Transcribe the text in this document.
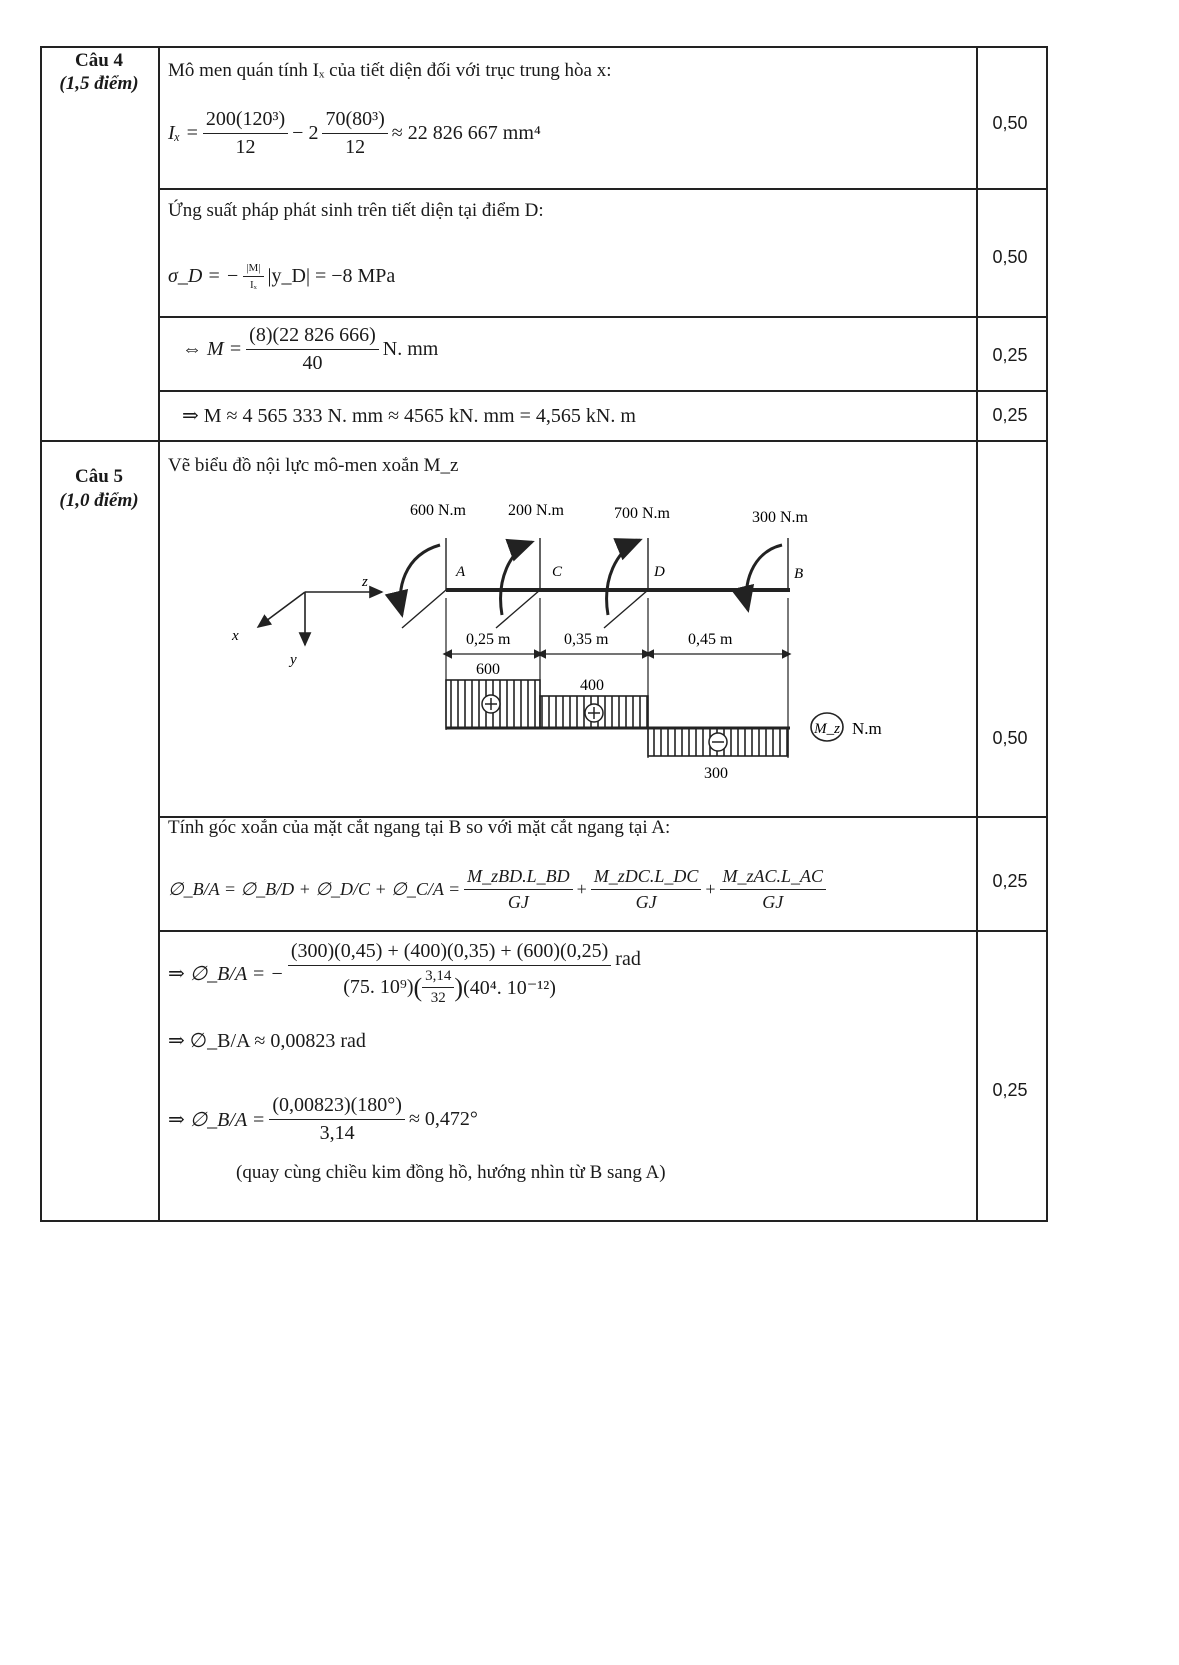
Câu 4
(1,5 điểm)
Mô men quán tính Iₓ của tiết diện đối với trục trung hòa x:
$I_x = \frac{\text{200(120³)}}{12} - 2 \frac{\text{70(80³)}}{12} \approx 22$ 826 667 mm⁴	0,50
Ứng suất pháp phát sinh trên tiết diện tại điểm D:
σ_D = − $\frac{|M|}{\text{Iₓ}}$ |y_D| = −8 MPa
0,50
⇔ $M = \frac{(8)(22 826 666)}{40} N$. mm	0,25
⇒ M ≈ 4 565 333 N. mm ≈ 4565 kN. mm = 4,565 kN. m	0,25
Câu 5
(1,0 điểm)
Vẽ biểu đồ nội lực mô-men xoắn M_z
z
x
y
600 N.m	200 N.m	700 N.m	300 N.m
A	C	D	B
0,25 m	0,35 m	0,45 m
600
400
300
M_z N.m	0,50
Tính góc xoắn của mặt cắt ngang tại B so với mặt cắt ngang tại A:
∅_B/A = ∅_B/D + ∅_D/C + ∅_C/A = $\frac{\text{M\_zBD.L\_BD}}{GJ} + \frac{\text{M\_zDC.L\_DC}}{GJ} + \frac{\text{M\_zAC.L\_AC}}{GJ}$	0,25
⇒ ∅_B/A = −
(300)(0,45) + (400)(0,35) + (600)(0,25)
(75. 10⁹) ( $\frac{3,14}{32}$ ) (40⁴. 10⁻¹²)
rad
⇒ ∅_B/A ≈ 0,00823 rad
⇒ ∅_B/A = $\frac{(0,00823)(180^\circ)}{3,14} \approx 0,472^\circ$
(quay cùng chiều kim đồng hồ, hướng nhìn từ B sang A)
0,25
